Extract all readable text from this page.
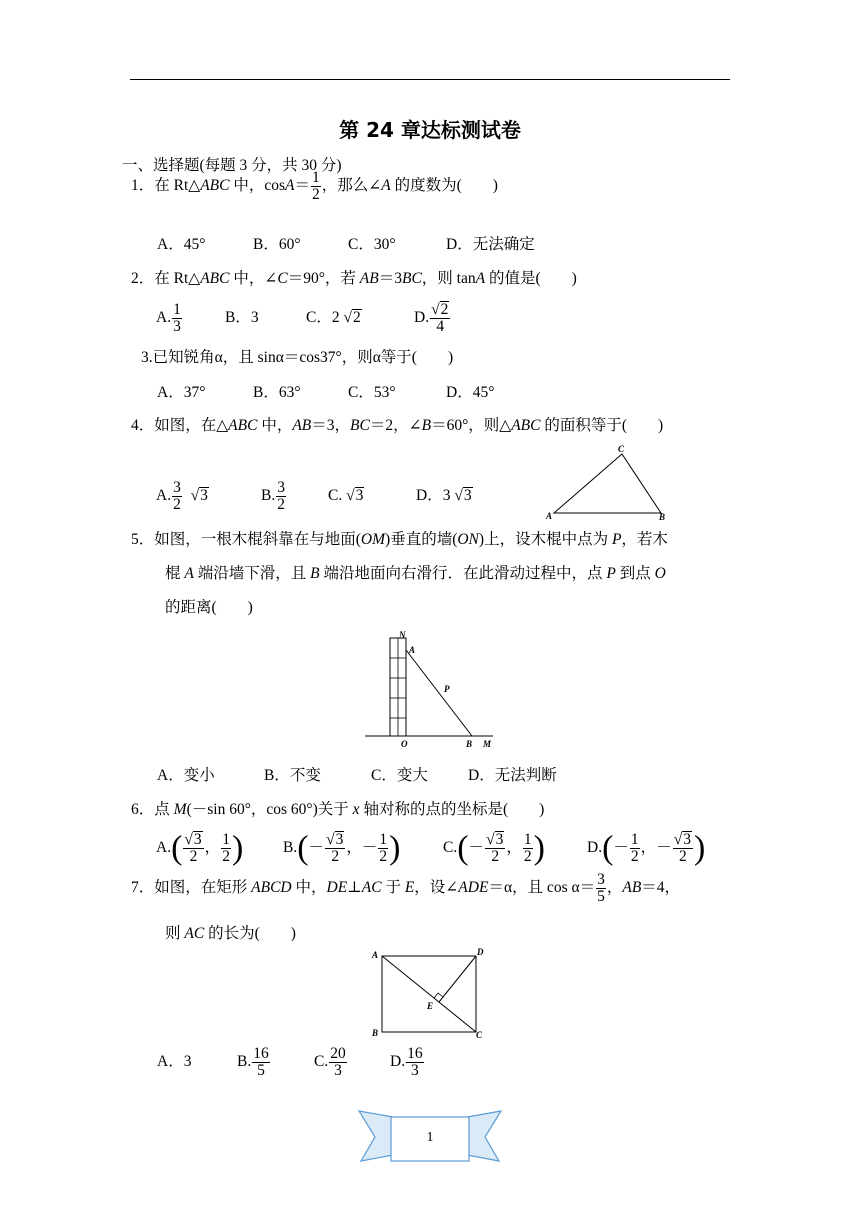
第 24 章达标测试卷
一、选择题(每题 3 分，共 30 分)
1．在 Rt△ABC 中，$\cos A= \frac{1}{2}$ ，那么∠A 的度数为(　　)
A．45°	B．60°	C．30°	D．无法确定
2．在 Rt△ABC 中，∠C＝90°，若 AB＝3BC，则 tanA 的值是(　　)
A. $\frac{1}{3}$	B．3	C．2 √2	D. $\frac{√2}{4}$
3.已知锐角α，且 sinα＝cos37°，则α等于(　　)
A．37°	B．63°	C．53°	D．45°
4．如图，在△ABC 中，AB＝3，BC＝2，∠B＝60°，则△ABC 的面积等于(　　)
A. $\frac{3}{2} √3$	B. $\frac{3}{2}$	C. √3	D．3 √3
A	B
C
5．如图，一根木棍斜靠在与地面(OM)垂直的墙(ON)上，设木棍中点为 P，若木
棍 A 端沿墙下滑，且 B 端沿地面向右滑行．在此滑动过程中，点 P 到点 O
的距离(　　)
N
A
P
O	B M
A．变小	B．不变	C．变大	D．无法判断
6．点 M(－sin 60°，cos 60°)关于 x 轴对称的点的坐标是(　　)
$A.( \frac{√3}{2}$ ， $\frac{1}{2}$ )	$B.(- \frac{√3}{2}$ ，－ $\frac{1}{2}$ )	$C.(- \frac{√3}{2}$ ， $\frac{1}{2}$ )	$D.(- \frac{1}{2}$ ，－ $\frac{√3}{2}$ )
7．如图，在矩形 ABCD 中，DE⊥AC 于 E，设∠ADE＝α，且 $\cos \alpha= \frac{3}{5}$ ，AB＝4，
则 AC 的长为(　　)
A	D
B	C
E
A．3	B. $\frac{16}{5}$	C. $\frac{20}{3}$	D. $\frac{16}{3}$
1
